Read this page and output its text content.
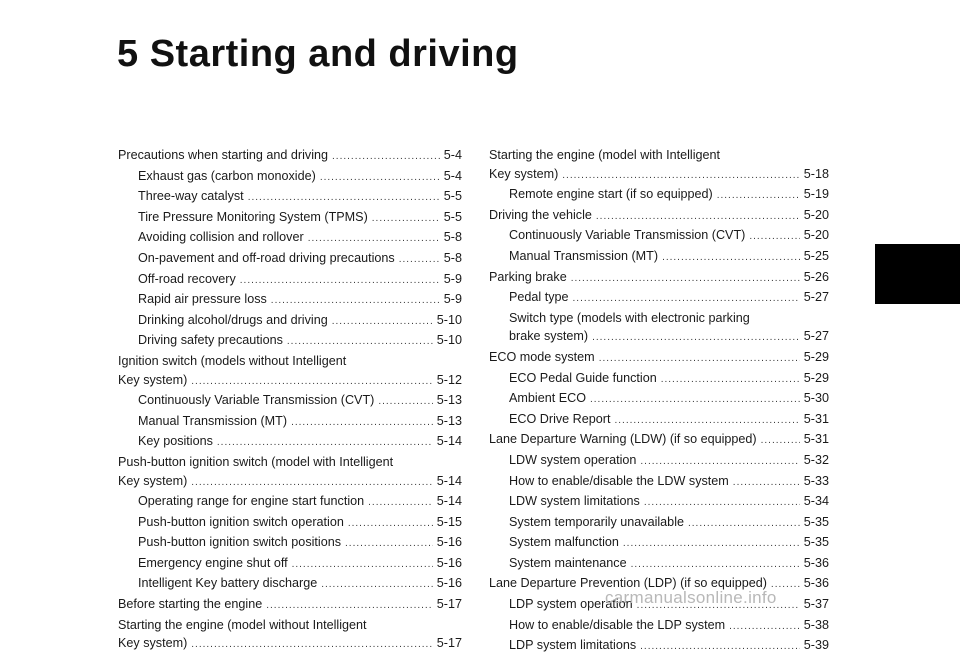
5 Starting and driving
Precautions when starting and driving .....	5-4
Exhaust gas (carbon monoxide) .....	5-4
Three-way catalyst .....	5-5
Tire Pressure Monitoring System (TPMS) .....	5-5
Avoiding collision and rollover .....	5-8
On-pavement and off-road driving precautions .....	5-8
Off-road recovery .....	5-9
Rapid air pressure loss .....	5-9
Drinking alcohol/drugs and driving .....	5-10
Driving safety precautions .....	5-10
Ignition switch (models without Intelligent
Key system) .....	5-12
Continuously Variable Transmission (CVT) .....	5-13
Manual Transmission (MT) .....	5-13
Key positions .....	5-14
Push-button ignition switch (model with Intelligent
Key system) .....	5-14
Operating range for engine start function .....	5-14
Push-button ignition switch operation .....	5-15
Push-button ignition switch positions .....	5-16
Emergency engine shut off .....	5-16
Intelligent Key battery discharge .....	5-16
Before starting the engine .....	5-17
Starting the engine (model without Intelligent
Key system) .....	5-17
Starting the engine (model with Intelligent
Key system) .....	5-18
Remote engine start (if so equipped) .....	5-19
Driving the vehicle .....	5-20
Continuously Variable Transmission (CVT) .....	5-20
Manual Transmission (MT) .....	5-25
Parking brake .....	5-26
Pedal type .....	5-27
Switch type (models with electronic parking
brake system) .....	5-27
ECO mode system .....	5-29
ECO Pedal Guide function .....	5-29
Ambient ECO .....	5-30
ECO Drive Report .....	5-31
Lane Departure Warning (LDW) (if so equipped) .....	5-31
LDW system operation .....	5-32
How to enable/disable the LDW system .....	5-33
LDW system limitations .....	5-34
System temporarily unavailable .....	5-35
System malfunction .....	5-35
System maintenance .....	5-36
Lane Departure Prevention (LDP) (if so equipped) .....	5-36
LDP system operation .....	5-37
How to enable/disable the LDP system .....	5-38
LDP system limitations .....	5-39
carmanualsonline.info
